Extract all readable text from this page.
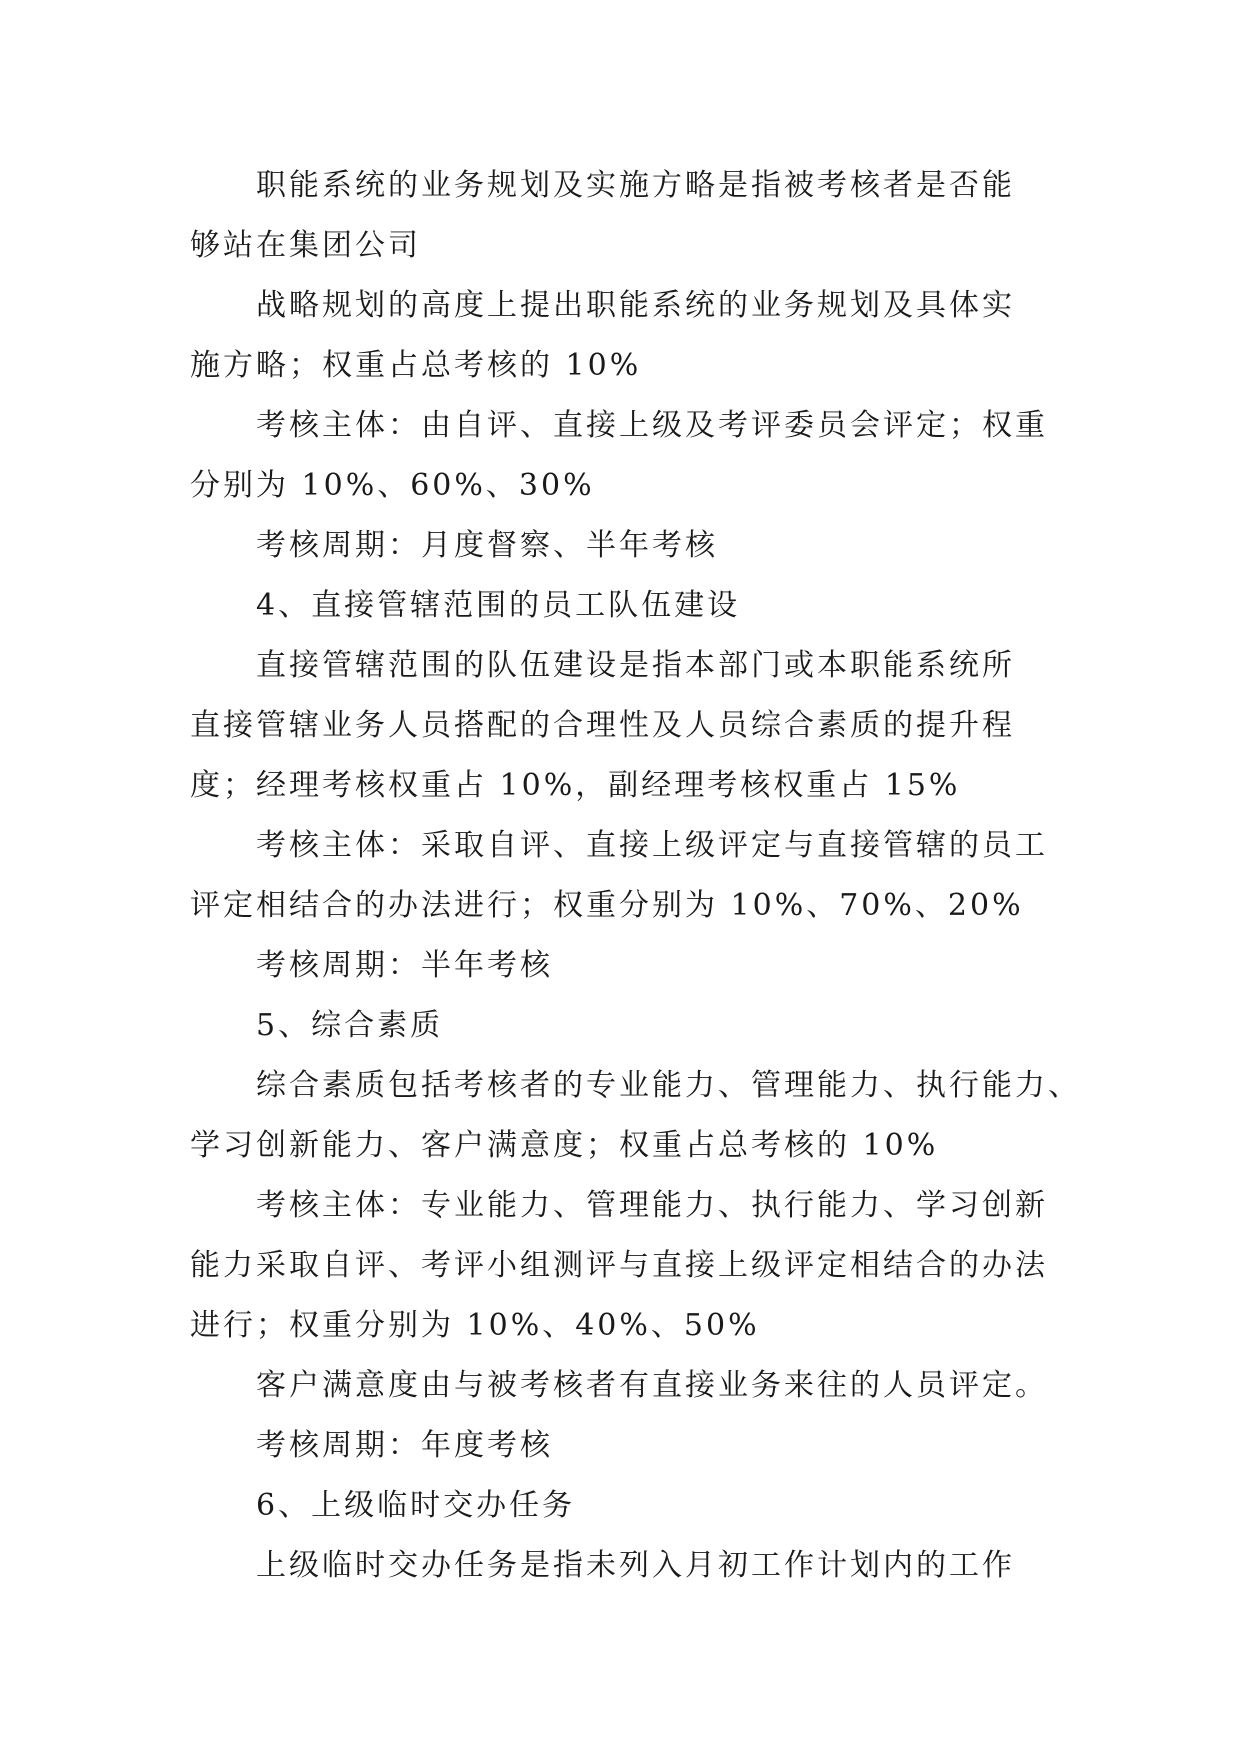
职能系统的业务规划及实施方略是指被考核者是否能
够站在集团公司

战略规划的高度上提出职能系统的业务规划及具体实
施方略；权重占总考核的 10%

考核主体：由自评、直接上级及考评委员会评定；权重
分别为 10%、60%、30%

考核周期：月度督察、半年考核

4、直接管辖范围的员工队伍建设

直接管辖范围的队伍建设是指本部门或本职能系统所
直接管辖业务人员搭配的合理性及人员综合素质的提升程
度；经理考核权重占 10%，副经理考核权重占 15%

考核主体：采取自评、直接上级评定与直接管辖的员工
评定相结合的办法进行；权重分别为 10%、70%、20%

考核周期：半年考核

5、综合素质

综合素质包括考核者的专业能力、管理能力、执行能力、
学习创新能力、客户满意度；权重占总考核的 10%

考核主体：专业能力、管理能力、执行能力、学习创新
能力采取自评、考评小组测评与直接上级评定相结合的办法
进行；权重分别为 10%、40%、50%

客户满意度由与被考核者有直接业务来往的人员评定。

考核周期：年度考核

6、上级临时交办任务

上级临时交办任务是指未列入月初工作计划内的工作
